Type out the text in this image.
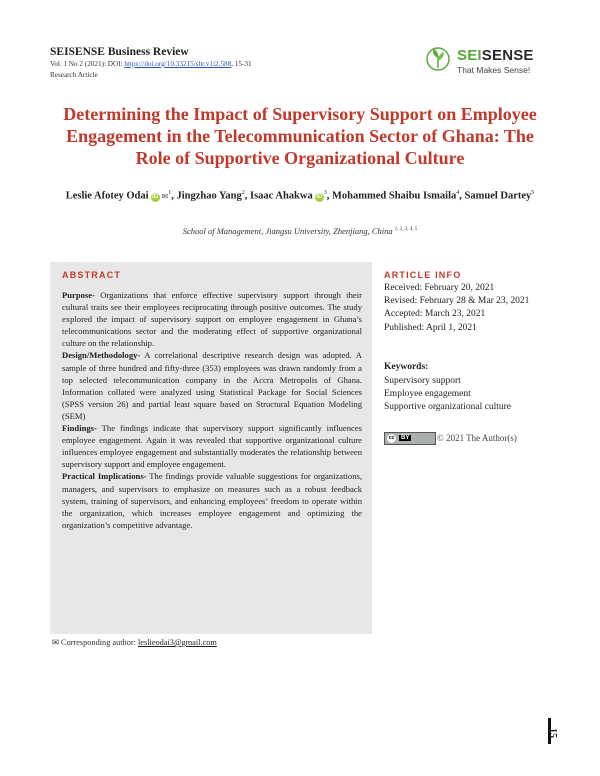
SEISENSE Business Review
Vol. 1 No 2 (2021): DOI: https://doi.org/10.33215/sbr.v1i2.588, 15-31
Research Article
SEISENSE
That Makes Sense!
Determining the Impact of Supervisory Support on Employee Engagement in the Telecommunication Sector of Ghana: The Role of Supportive Organizational Culture
Leslie Afotey Odai iD ✉$^1$, Jingzhao Yang$^2$, Isaac Ahakwa $iD^3$, Mohammed Shaibu Ismaila$^4$, Samuel Dartey$^5$
School of Management, Jiangsu University, Zhenjiang, China $^{1, 2, 3, 4, 5}$
ABSTRACT

Purpose- Organizations that enforce effective supervisory support through their cultural traits see their employees reciprocating through positive outcomes. The study explored the impact of supervisory support on employee engagement in Ghana’s telecommunications sector and the moderating effect of supportive organizational culture on the relationship.

Design/Methodology- A correlational descriptive research design was adopted. A sample of three hundred and fifty-three (353) employees was drawn randomly from a top selected telecommunication company in the Accra Metropolis of Ghana. Information collated were analyzed using Statistical Package for Social Sciences (SPSS version 26) and partial least square based on Structural Equation Modeling (SEM)

Findings- The findings indicate that supervisory support significantly influences employee engagement. Again it was revealed that supportive organizational culture influences employee engagement and substantially moderates the relationship between supervisory support and employee engagement.

Practical Implications- The findings provide valuable suggestions for organizations, managers, and supervisors to emphasize on measures such as a robust feedback system, training of supervisors, and enhancing employees’ freedom to operate within the organization, which increases employee engagement and optimizing the organization’s competitive advantage.

ARTICLE INFO
Received: February 20, 2021
Revised: February 28 & Mar 23, 2021
Accepted: March 23, 2021
Published: April 1, 2021
Keywords:
Supervisory support
Employee engagement
Supportive organizational culture
cc	BY	© 2021 The Author(s)
✉ Corresponding author: leslieodai3@gmail.com
15
